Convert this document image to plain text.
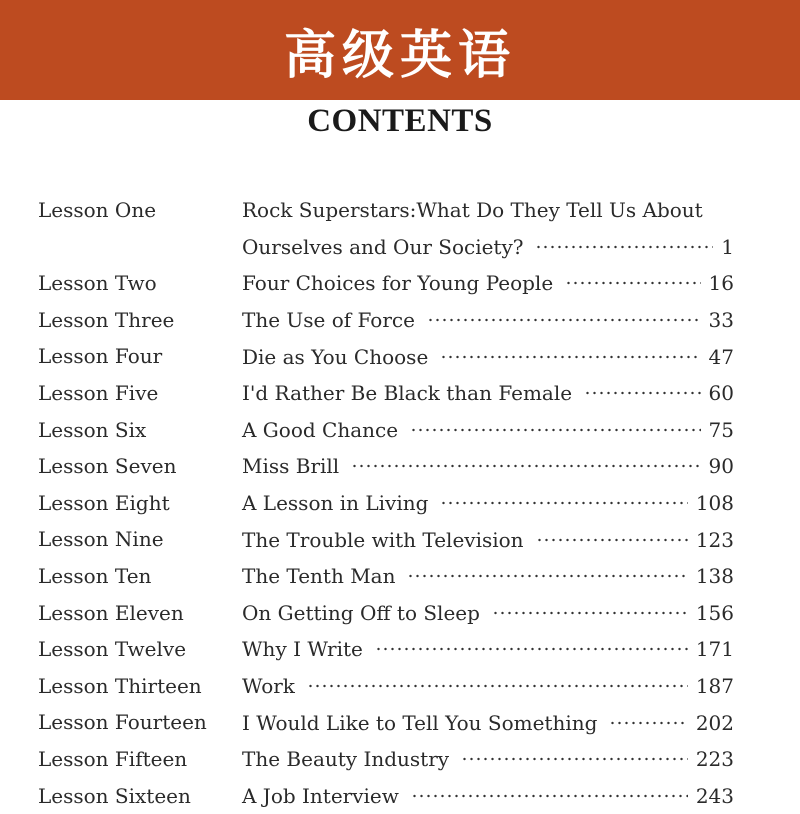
高级英语
CONTENTS
Lesson One	Rock Superstars:What Do They Tell Us About
Ourselves and Our Society?	1
Lesson Two	Four Choices for Young People	16
Lesson Three	The Use of Force	33
Lesson Four	Die as You Choose	47
Lesson Five	I'd Rather Be Black than Female	60
Lesson Six	A Good Chance	75
Lesson Seven	Miss Brill	90
Lesson Eight	A Lesson in Living	108
Lesson Nine	The Trouble with Television	123
Lesson Ten	The Tenth Man	138
Lesson Eleven	On Getting Off to Sleep	156
Lesson Twelve	Why I Write	171
Lesson Thirteen Work	187
Lesson Fourteen I Would Like to Tell You Something	202
Lesson Fifteen	The Beauty Industry	223
Lesson Sixteen	A Job Interview	243
